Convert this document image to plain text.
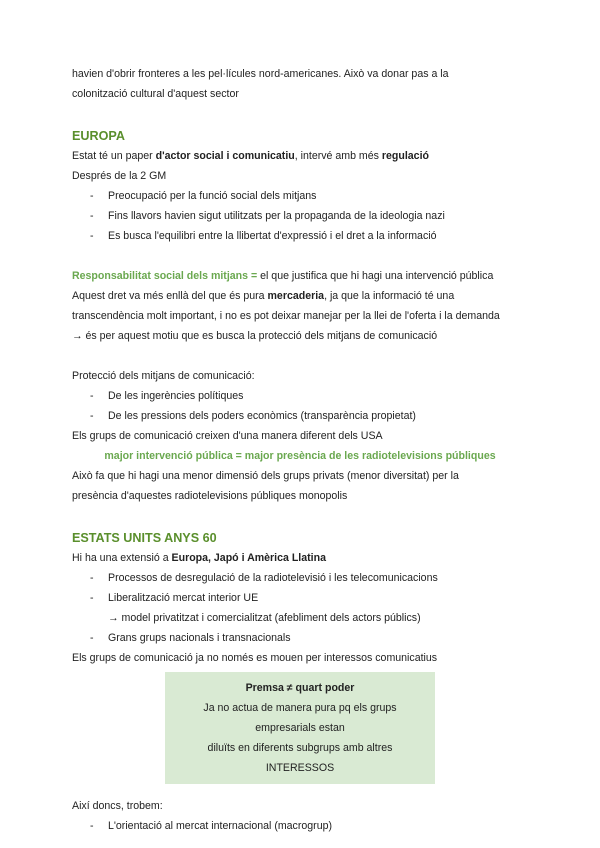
havien d'obrir fronteres a les pel·lícules nord-americanes. Això va donar pas a la

colonització cultural d'aquest sector

EUROPA

Estat té un paper d'actor social i comunicatiu, intervé amb més regulació

Després de la 2 GM

- Preocupació per la funció social dels mitjans
- Fins llavors havien sigut utilitzats per la propaganda de la ideologia nazi
- Es busca l'equilibri entre la llibertat d'expressió i el dret a la informació

Responsabilitat social dels mitjans = el que justifica que hi hagi una intervenció pública

Aquest dret va més enllà del que és pura mercaderia, ja que la informació té una

transcendència molt important, i no es pot deixar manejar per la llei de l'oferta i la demanda

→ és per aquest motiu que es busca la protecció dels mitjans de comunicació

Protecció dels mitjans de comunicació:

- De les ingerències polítiques
- De les pressions dels poders econòmics (transparència propietat)

Els grups de comunicació creixen d'una manera diferent dels USA

major intervenció pública = major presència de les radiotelevisions públiques

Això fa que hi hagi una menor dimensió dels grups privats (menor diversitat) per la

presència d'aquestes radiotelevisions públiques monopolis

ESTATS UNITS ANYS 60

Hi ha una extensió a Europa, Japó i Amèrica Llatina

- Processos de desregulació de la radiotelevisió i les telecomunicacions
- Liberalització mercat interior UE

→ model privatitzat i comercialitzat (afebliment dels actors públics)

- Grans grups nacionals i transnacionals

Els grups de comunicació ja no només es mouen per interessos comunicatius

Premsa ≠ quart poder
Ja no actua de manera pura pq els grups empresarials estan
diluïts en diferents subgrups amb altres INTERESSOS

Així doncs, trobem:

- L'orientació al mercat internacional (macrogrup)
